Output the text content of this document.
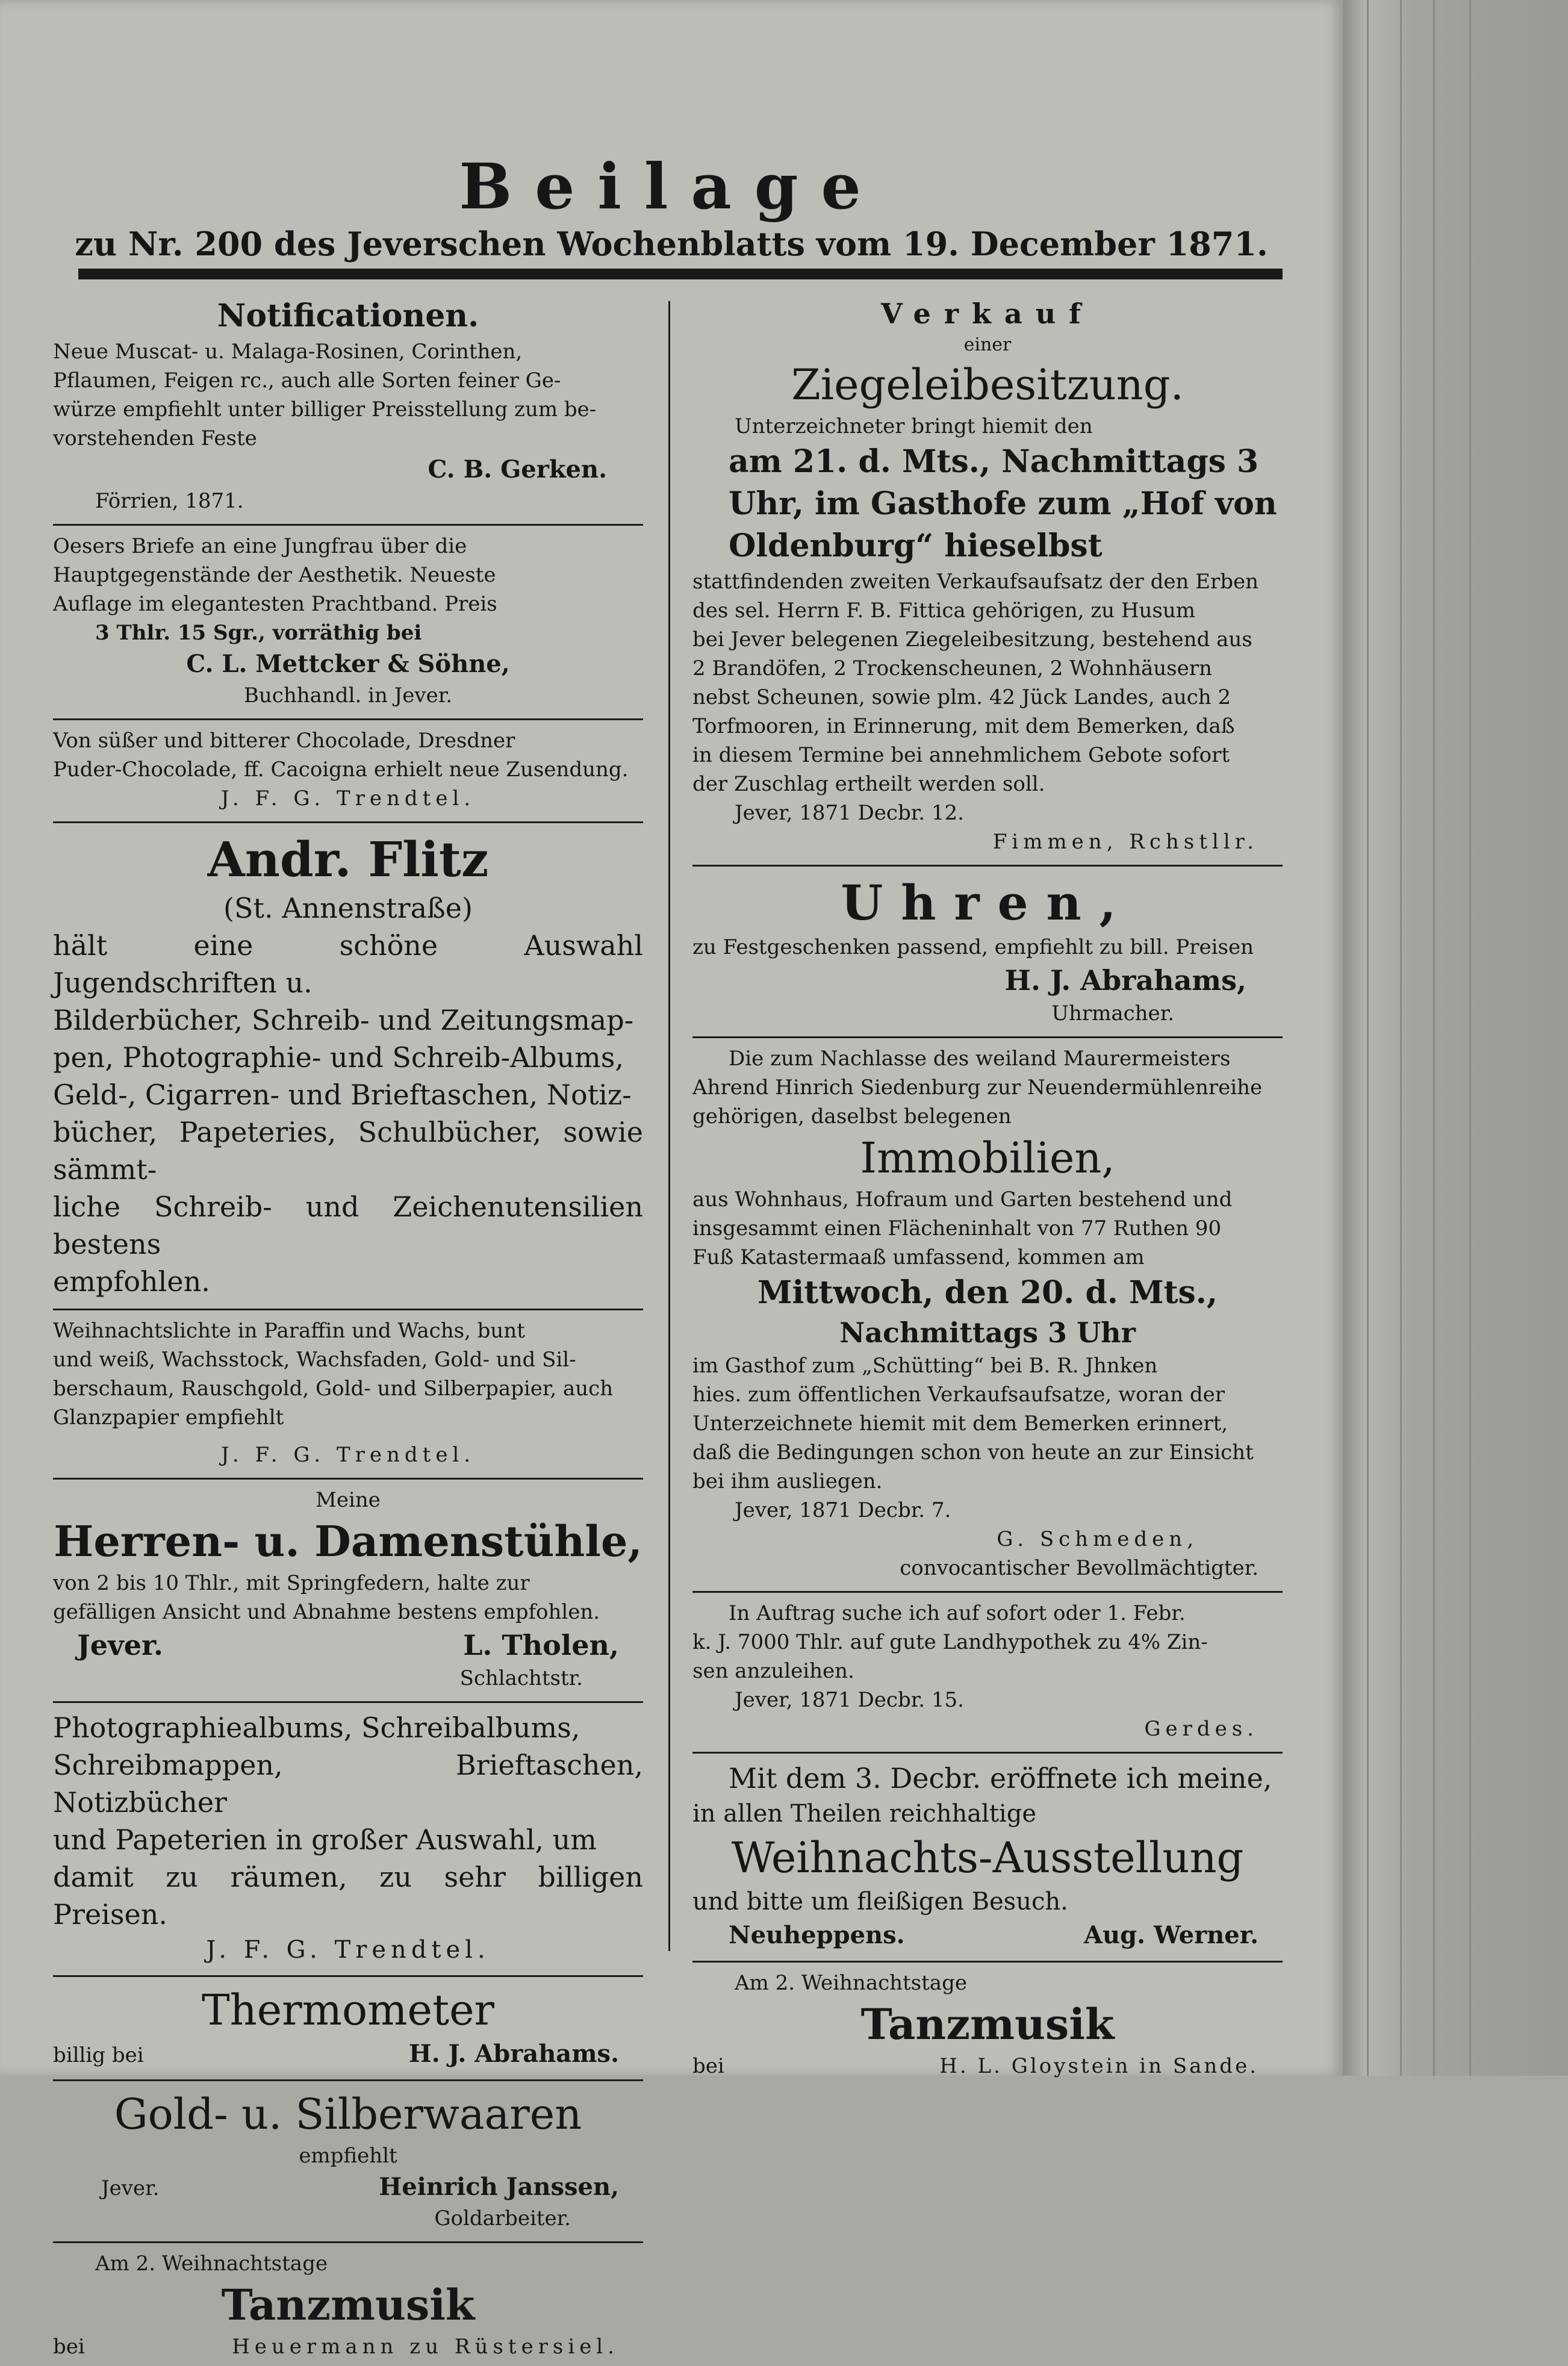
Beilage
zu Nr. 200 des Jeverschen Wochenblatts vom 19. December 1871.

Notificationen.

Neue Muscat- u. Malaga-Rosinen, Corinthen,

Pflaumen, Feigen rc., auch alle Sorten feiner Ge-

würze empfiehlt unter billiger Preisstellung zum be-

vorstehenden Feste

C. B. Gerken.

Förrien, 1871.

Oesers Briefe an eine Jungfrau über die

Hauptgegenstände der Aesthetik. Neueste

Auflage im elegantesten Prachtband. Preis

3 Thlr. 15 Sgr., vorräthig bei

C. L. Mettcker & Söhne,

Buchhandl. in Jever.

Von süßer und bitterer Chocolade, Dresdner

Puder-Chocolade, ff. Cacoigna erhielt neue Zusendung.

J. F. G. Trendtel.

Andr. Flitz

(St. Annenstraße)

hält eine schöne Auswahl Jugendschriften u.

Bilderbücher, Schreib- und Zeitungsmap-

pen, Photographie- und Schreib-Albums,

Geld-, Cigarren- und Brieftaschen, Notiz-

bücher, Papeteries, Schulbücher, sowie sämmt-

liche Schreib- und Zeichenutensilien bestens

empfohlen.

Weihnachtslichte in Paraffin und Wachs, bunt

und weiß, Wachsstock, Wachsfaden, Gold- und Sil-

berschaum, Rauschgold, Gold- und Silberpapier, auch

Glanzpapier empfiehlt

J. F. G. Trendtel.

Meine

Herren- u. Damenstühle,

von 2 bis 10 Thlr., mit Springfedern, halte zur

gefälligen Ansicht und Abnahme bestens empfohlen.

Jever.	L. Tholen,

Schlachtstr.

Photographiealbums, Schreibalbums,

Schreibmappen, Brieftaschen, Notizbücher

und Papeterien in großer Auswahl, um

damit zu räumen, zu sehr billigen Preisen.

J. F. G. Trendtel.

Thermometer

billig bei	H. J. Abrahams.

Gold- u. Silberwaaren

empfiehlt

Jever.	Heinrich Janssen,

Goldarbeiter.

Am 2. Weihnachtstage

Tanzmusik

bei	Heuermann zu Rüstersiel.

Verkauf

einer

Ziegeleibesitzung.

Unterzeichneter bringt hiemit den

am 21. d. Mts., Nachmittags 3

Uhr, im Gasthofe zum „Hof von

Oldenburg“ hieselbst

stattfindenden zweiten Verkaufsaufsatz der den Erben

des sel. Herrn F. B. Fittica gehörigen, zu Husum

bei Jever belegenen Ziegeleibesitzung, bestehend aus

2 Brandöfen, 2 Trockenscheunen, 2 Wohnhäusern

nebst Scheunen, sowie plm. 42 Jück Landes, auch 2

Torfmooren, in Erinnerung, mit dem Bemerken, daß

in diesem Termine bei annehmlichem Gebote sofort

der Zuschlag ertheilt werden soll.

Jever, 1871 Decbr. 12.

Fimmen, Rchstllr.

Uhren,

zu Festgeschenken passend, empfiehlt zu bill. Preisen

H. J. Abrahams,

Uhrmacher.

Die zum Nachlasse des weiland Maurermeisters

Ahrend Hinrich Siedenburg zur Neuendermühlenreihe

gehörigen, daselbst belegenen

Immobilien,

aus Wohnhaus, Hofraum und Garten bestehend und

insgesammt einen Flächeninhalt von 77 Ruthen 90

Fuß Katastermaaß umfassend, kommen am

Mittwoch, den 20. d. Mts.,

Nachmittags 3 Uhr

im Gasthof zum „Schütting“ bei B. R. Jhnken

hies. zum öffentlichen Verkaufsaufsatze, woran der

Unterzeichnete hiemit mit dem Bemerken erinnert,

daß die Bedingungen schon von heute an zur Einsicht

bei ihm ausliegen.

Jever, 1871 Decbr. 7.

G. Schmeden,

convocantischer Bevollmächtigter.

In Auftrag suche ich auf sofort oder 1. Febr.

k. J. 7000 Thlr. auf gute Landhypothek zu 4% Zin-

sen anzuleihen.

Jever, 1871 Decbr. 15.

Gerdes.

Mit dem 3. Decbr. eröffnete ich meine,

in allen Theilen reichhaltige

Weihnachts-Ausstellung

und bitte um fleißigen Besuch.

Neuheppens.	Aug. Werner.

Am 2. Weihnachtstage

Tanzmusik

bei	H. L. Gloystein in Sande.
